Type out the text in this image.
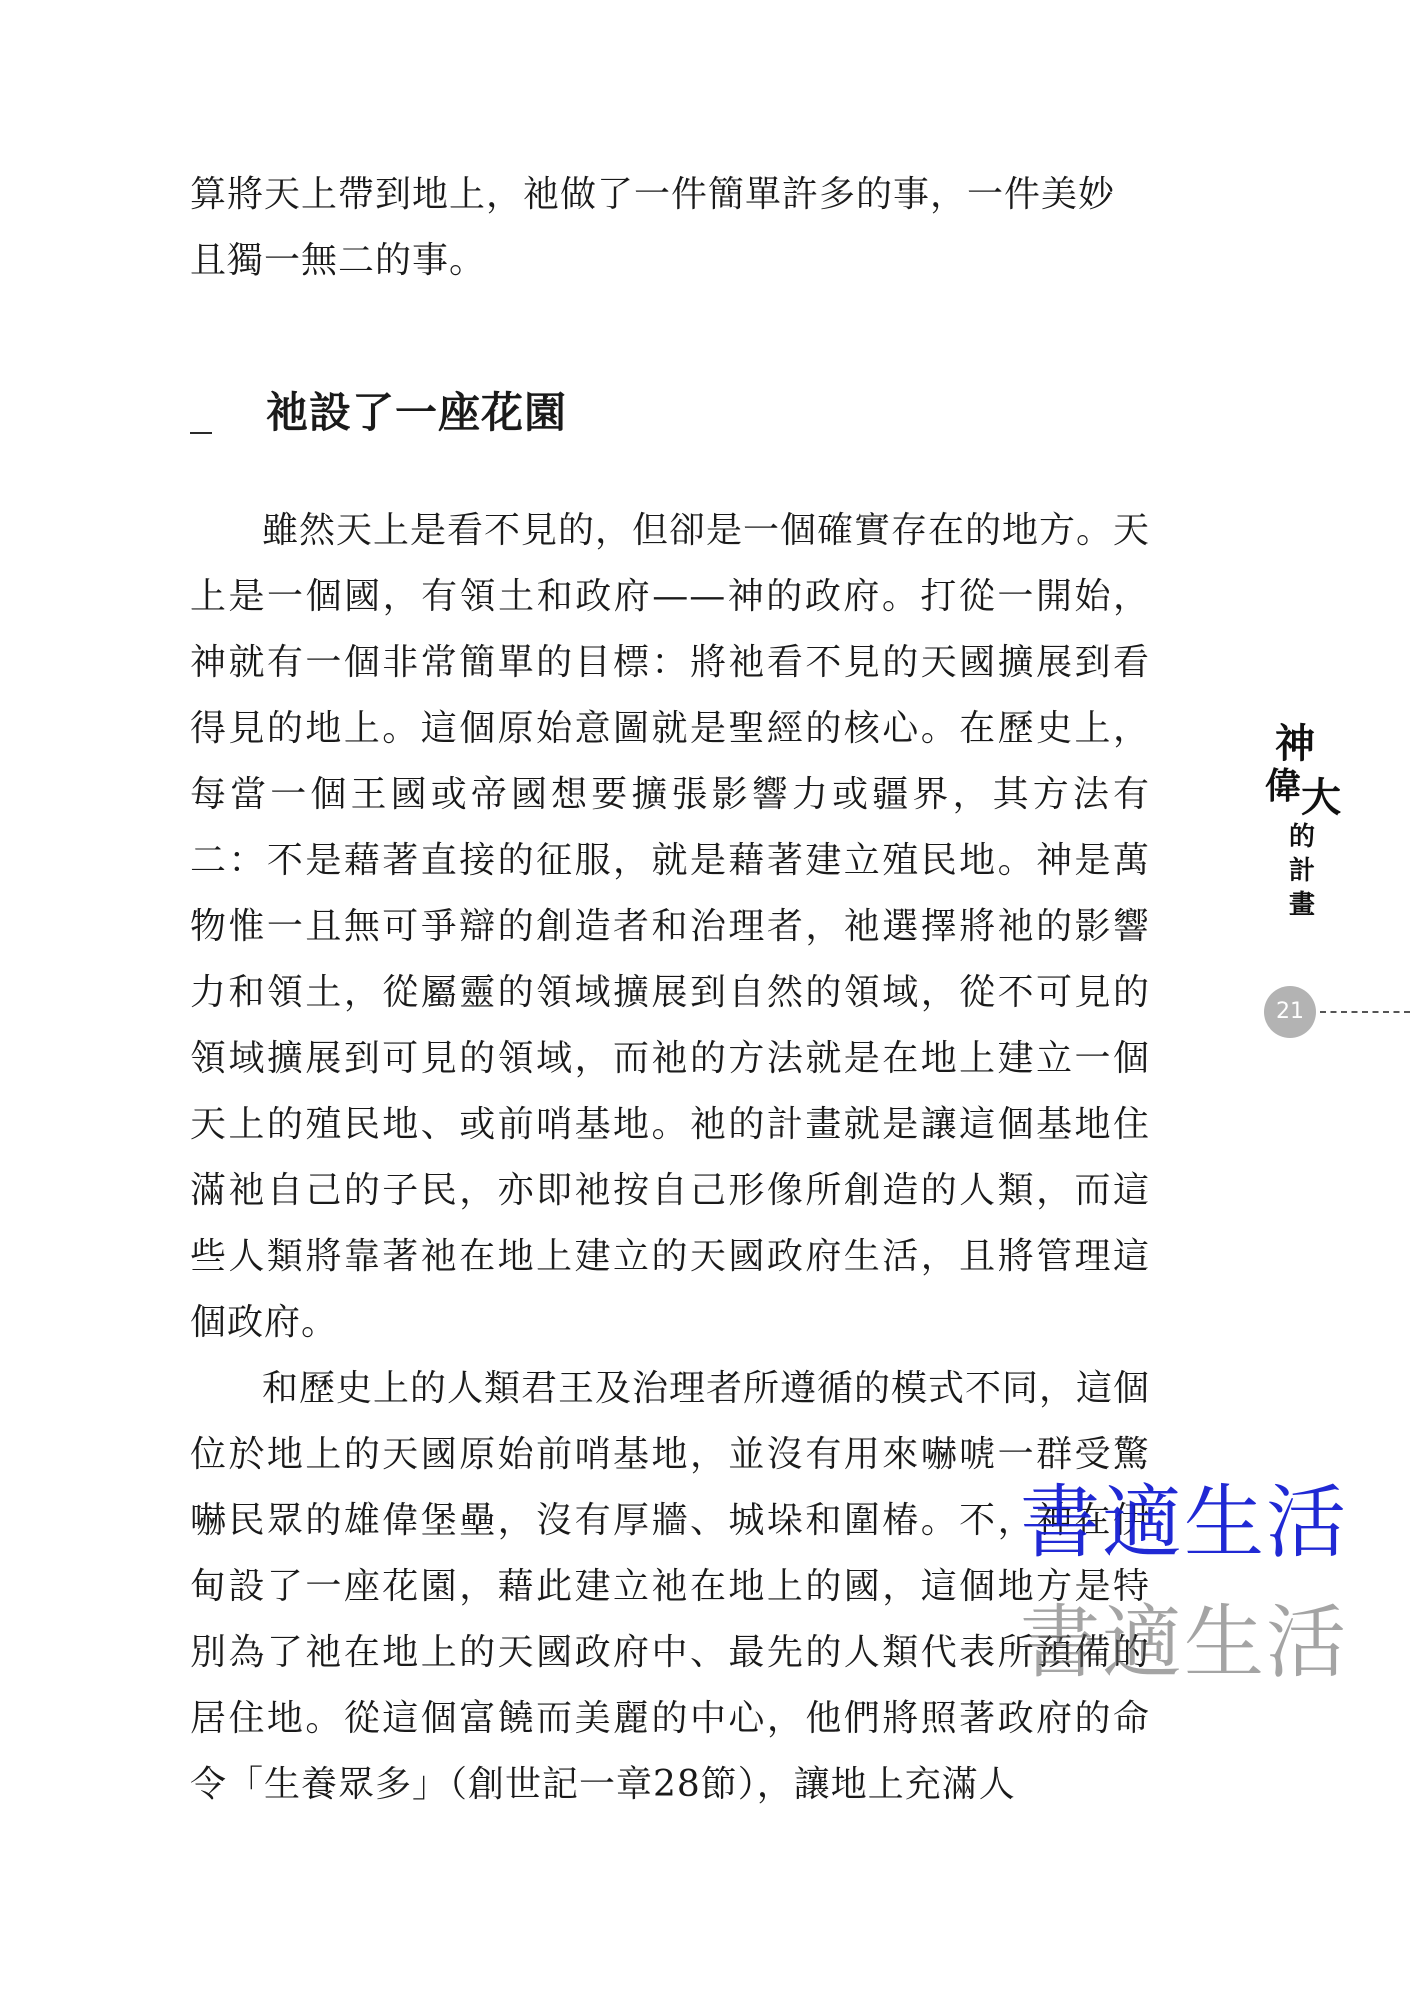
算將天上帶到地上，祂做了一件簡單許多的事，一件美妙

且獨一無二的事。

祂設了一座花園

雖然天上是看不見的，但卻是一個確實存在的地方。天上是一個國，有領土和政府——神的政府。打從一開始，神就有一個非常簡單的目標：將祂看不見的天國擴展到看得見的地上。這個原始意圖就是聖經的核心。在歷史上，每當一個王國或帝國想要擴張影響力或疆界，其方法有二：不是藉著直接的征服，就是藉著建立殖民地。神是萬物惟一且無可爭辯的創造者和治理者，祂選擇將祂的影響力和領土，從屬靈的領域擴展到自然的領域，從不可見的領域擴展到可見的領域，而祂的方法就是在地上建立一個天上的殖民地、或前哨基地。祂的計畫就是讓這個基地住滿祂自己的子民，亦即祂按自己形像所創造的人類，而這些人類將靠著祂在地上建立的天國政府生活，且將管理這個政府。

和歷史上的人類君王及治理者所遵循的模式不同，這個位於地上的天國原始前哨基地，並沒有用來嚇唬一群受驚嚇民眾的雄偉堡壘，沒有厚牆、城垛和圍椿。不，神在伊甸設了一座花園，藉此建立祂在地上的國，這個地方是特別為了祂在地上的天國政府中、最先的人類代表所預備的居住地。從這個富饒而美麗的中心，他們將照著政府的命令「生養眾多」（創世記一章28節），讓地上充滿人

神
偉 大
的
計
畫
21
書適生活
書適生活
